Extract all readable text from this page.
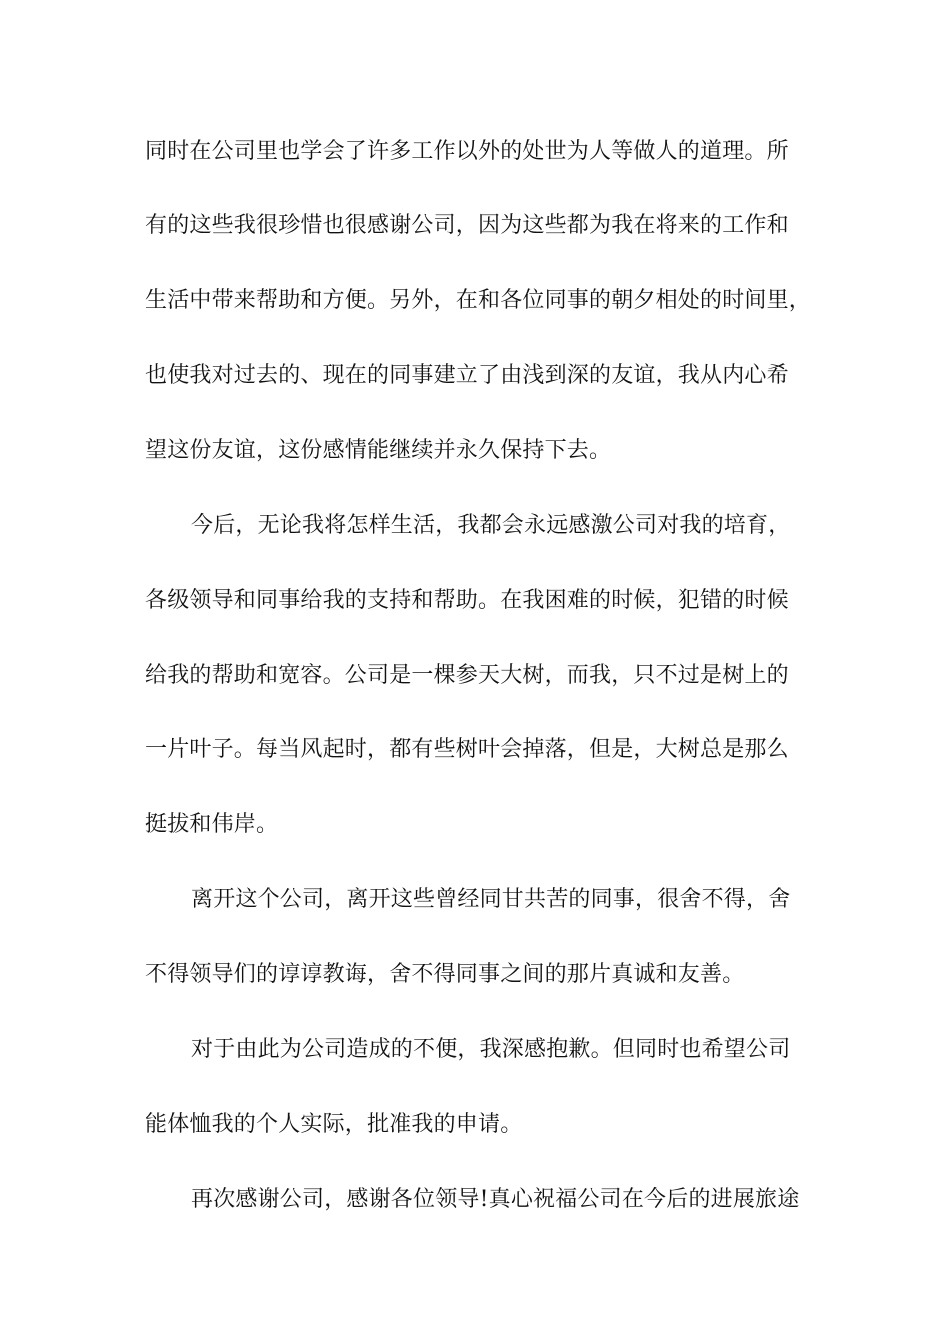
同时在公司里也学会了许多工作以外的处世为人等做人的道理。所
有的这些我很珍惜也很感谢公司，因为这些都为我在将来的工作和
生活中带来帮助和方便。另外，在和各位同事的朝夕相处的时间里，
也使我对过去的、现在的同事建立了由浅到深的友谊，我从内心希
望这份友谊，这份感情能继续并永久保持下去。
今后，无论我将怎样生活，我都会永远感激公司对我的培育，
各级领导和同事给我的支持和帮助。在我困难的时候，犯错的时候
给我的帮助和宽容。公司是一棵参天大树，而我，只不过是树上的
一片叶子。每当风起时，都有些树叶会掉落，但是，大树总是那么
挺拔和伟岸。
离开这个公司，离开这些曾经同甘共苦的同事，很舍不得，舍
不得领导们的谆谆教诲，舍不得同事之间的那片真诚和友善。
对于由此为公司造成的不便，我深感抱歉。但同时也希望公司
能体恤我的个人实际，批准我的申请。
再次感谢公司，感谢各位领导!真心祝福公司在今后的进展旅途
